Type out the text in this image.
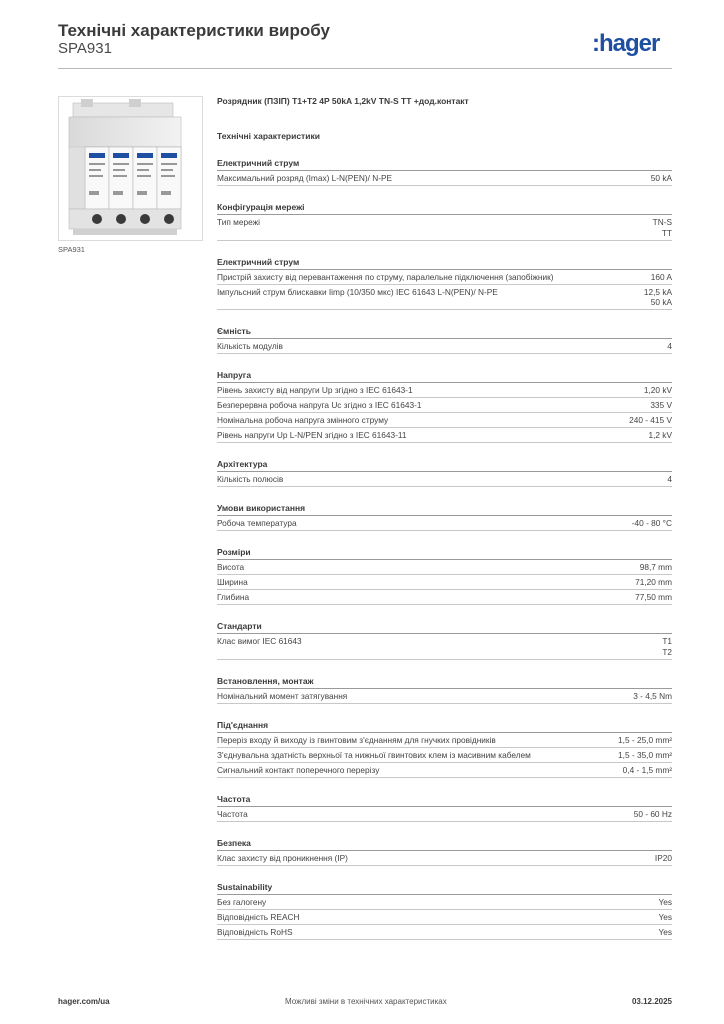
Технічні характеристики виробу
SPA931	:hager
SPA931
Розрядник (ПЗІП) T1+T2 4P 50kA 1,2kV TN-S TT +дод.контакт
Технічні характеристики
Електричний струм
Максимальний розряд (Imax) L-N(PEN)/ N-PE	50 kA
Конфігурація мережі
Тип мережі	TN-S
TT
Електричний струм
Пристрій захисту від перевантаження по струму, паралельне підключення (запобіжник)	160 A
Імпульсний струм блискавки Iimp (10/350 мкс) IEC 61643 L-N(PEN)/ N-PE	12,5 kA
50 kA
Ємність
Кількість модулів	4
Напруга
Рівень захисту від напруги Up згідно з IEC 61643-1	1,20 kV
Безперервна робоча напруга Uc згідно з IEC 61643-1	335 V
Номінальна робоча напруга змінного струму	240 - 415 V
Рівень напруги Up L-N/PEN згідно з IEC 61643-11	1,2 kV
Архітектура
Кількість полюсів	4
Умови використання
Робоча температура	-40 - 80 °C
Розміри
Висота	98,7 mm
Ширина	71,20 mm
Глибина	77,50 mm
Стандарти
Клас вимог IEC 61643	T1
T2
Встановлення, монтаж
Номінальний момент затягування	3 - 4,5 Nm
Під'єднання
Переріз входу й виходу із гвинтовим з'єднанням для гнучких провідників	1,5 - 25,0 mm²
З'єднувальна здатність верхньої та нижньої гвинтових клем із масивним кабелем	1,5 - 35,0 mm²
Сигнальний контакт поперечного перерізу	0,4 - 1,5 mm²
Частота
Частота	50 - 60 Hz
Безпека
Клас захисту від проникнення (IP)	IP20
Sustainability
Без галогену	Yes
Відповідність REACH	Yes
Відповідність RoHS	Yes
hager.com/ua	Можливі зміни в технічних характеристиках	03.12.2025
